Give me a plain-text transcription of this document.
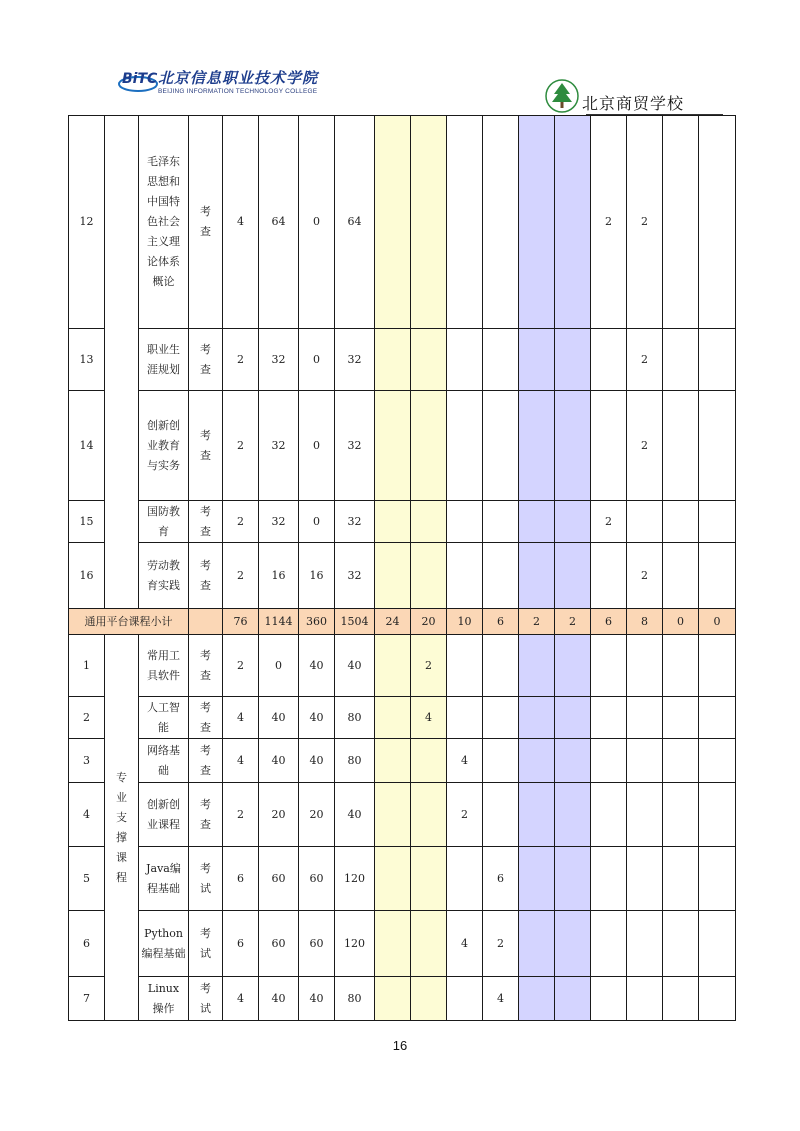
BiTC 北京信息职业技术学院
BEIJING INFORMATION TECHNOLOGY COLLEGE
北京商贸学校
12		毛泽东思想和中国特色社会主义理论体系概论	考查	4	64	0	64							2	2		
13		职业生涯规划	考查	2	32	0	32								2		
14		创新创业教育与实务	考查	2	32	0	32								2		
15		国防教育	考查	2	32	0	32							2			
16		劳动教育实践	考查	2	16	16	32								2		
通用平台课程小计				76	1144	360	1504	24	20	10	6	2	2	6	8	0	0
1	专业支撑课程	常用工具软件	考查	2	0	40	40		2								
2		人工智能	考查	4	40	40	80		4								
3		网络基础	考查	4	40	40	80			4							
4		创新创业课程	考查	2	20	20	40			2							
5		Java编程基础	考试	6	60	60	120				6						
6		Python编程基础	考试	6	60	60	120			4	2						
7		Linux操作	考试	4	40	40	80				4						
16
